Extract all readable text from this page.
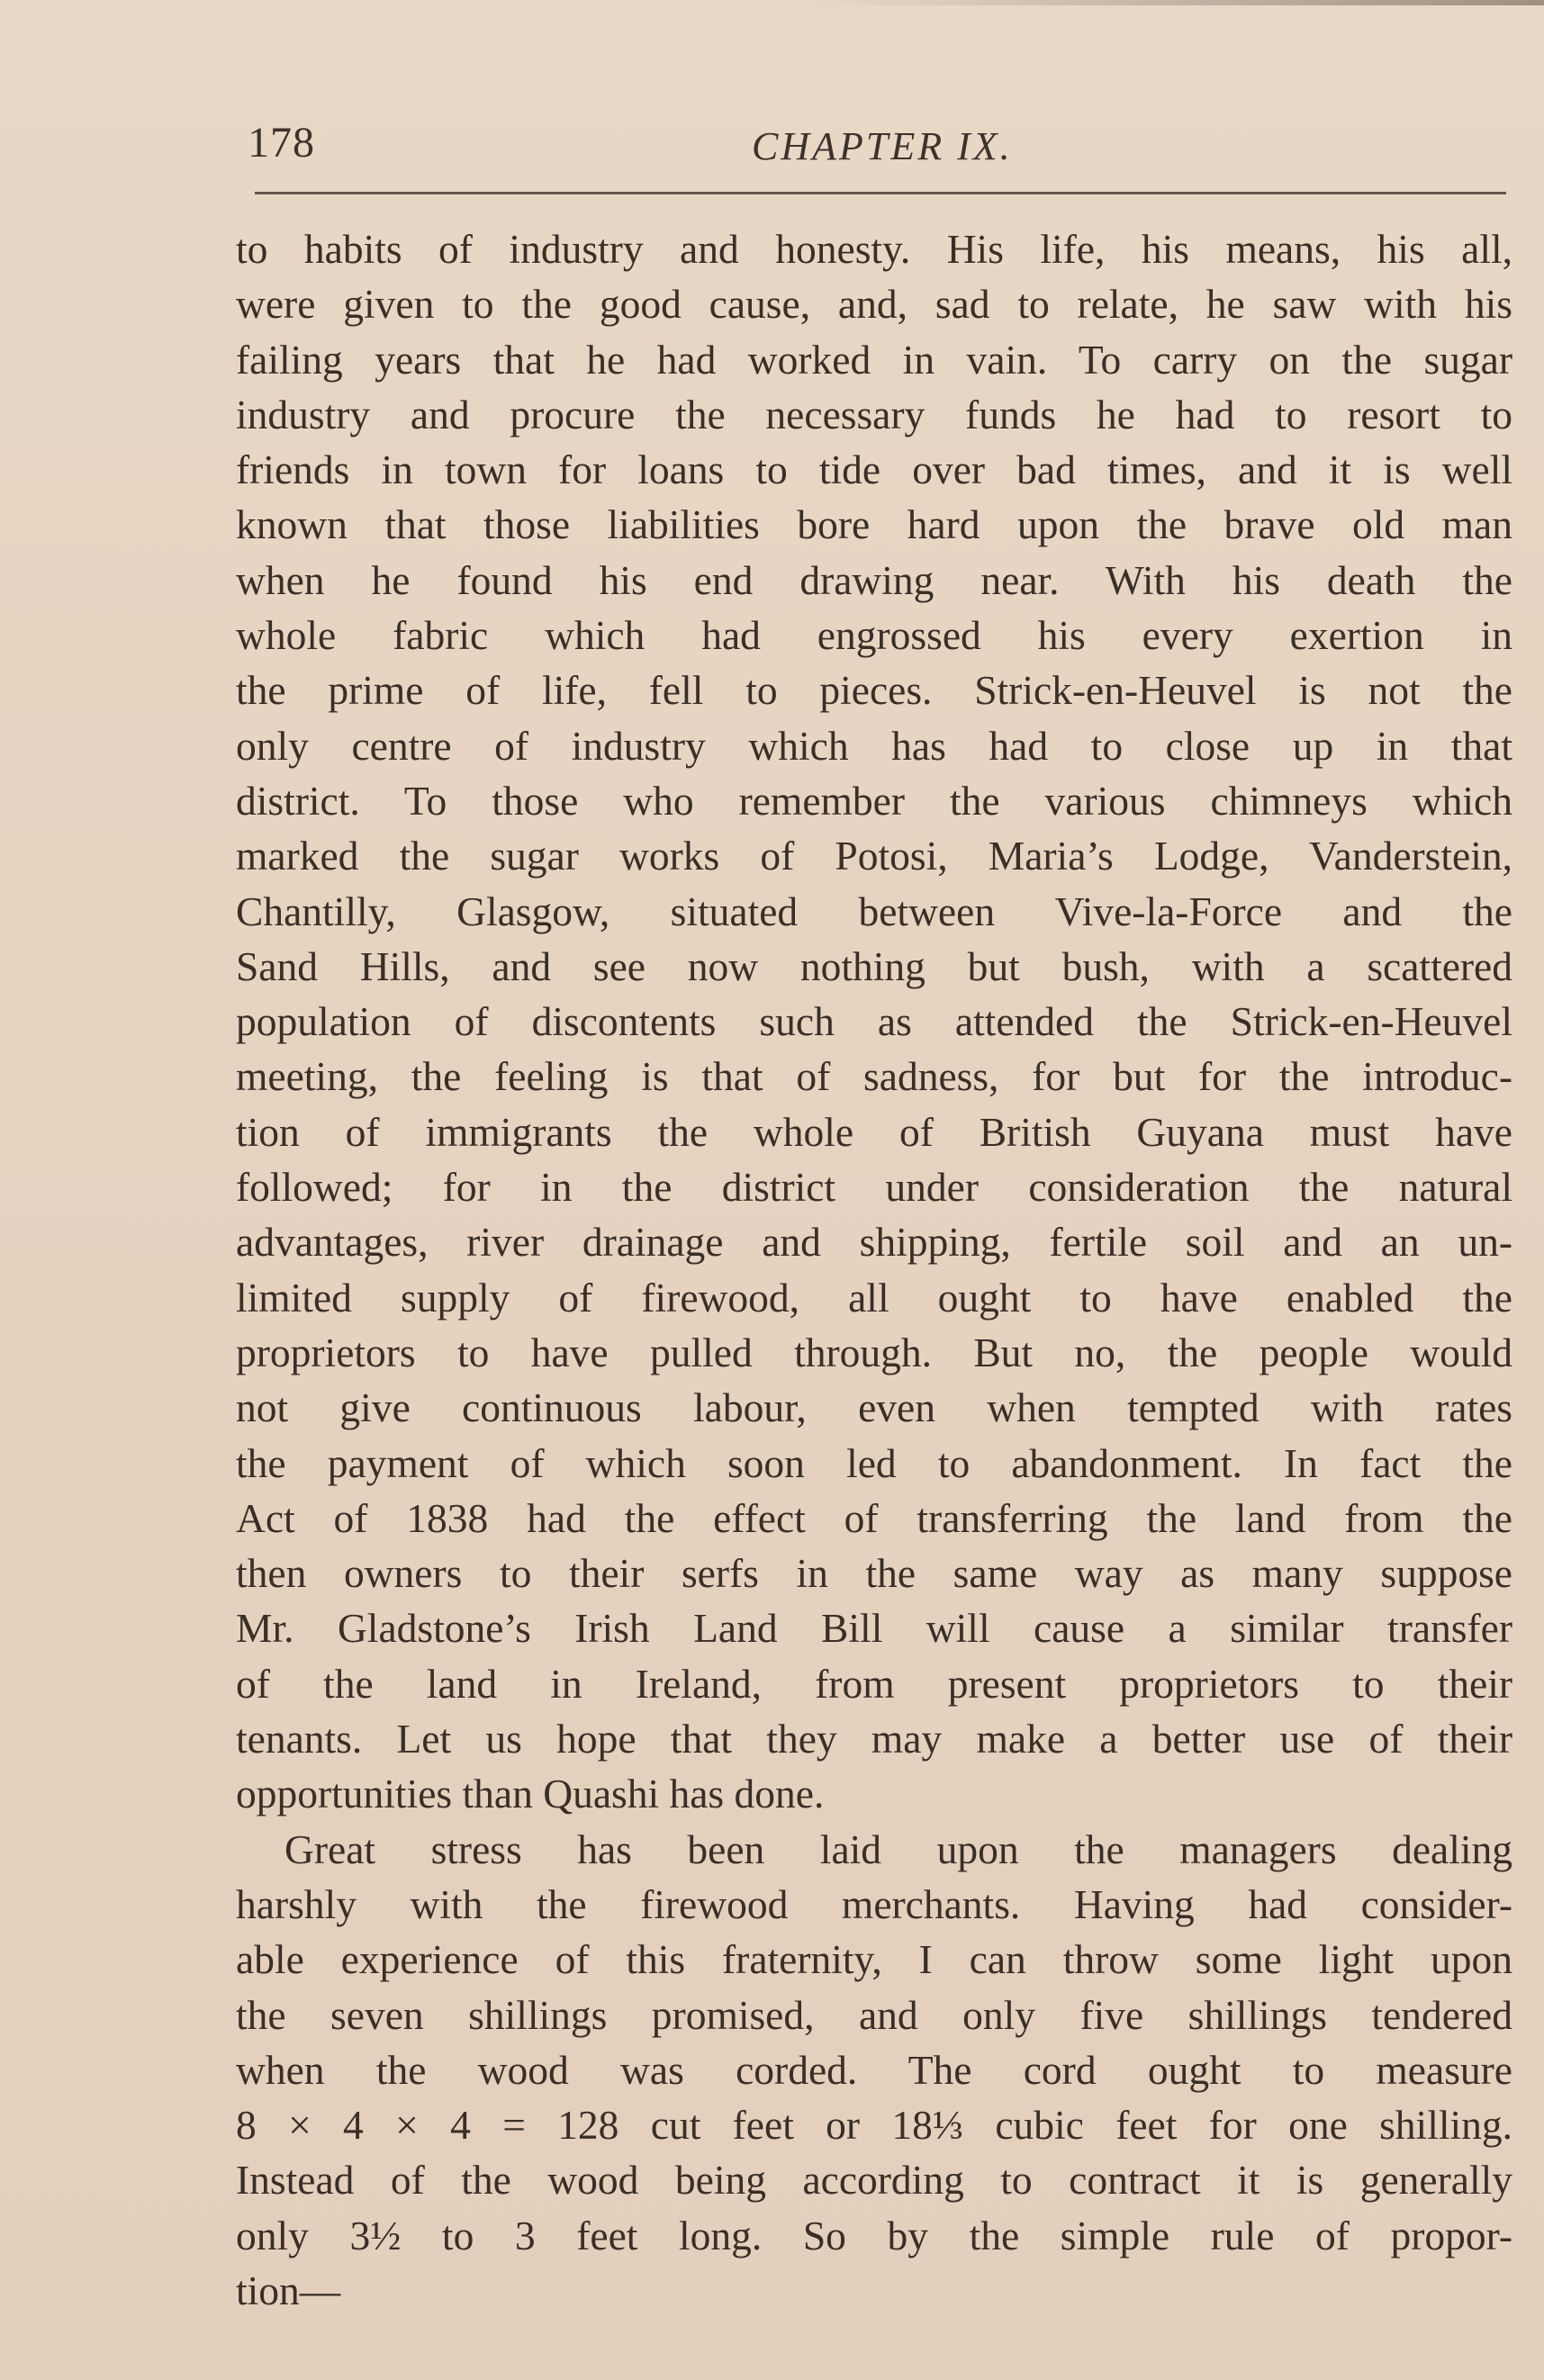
178	CHAPTER IX.
to habits of industry and honesty. His life, his means, his all,
were given to the good cause, and, sad to relate, he saw with his
failing years that he had worked in vain. To carry on the sugar
industry and procure the necessary funds he had to resort to
friends in town for loans to tide over bad times, and it is well
known that those liabilities bore hard upon the brave old man
when he found his end drawing near. With his death the
whole fabric which had engrossed his every exertion in
the prime of life, fell to pieces. Strick-en-Heuvel is not the
only centre of industry which has had to close up in that
district. To those who remember the various chimneys which
marked the sugar works of Potosi, Maria’s Lodge, Vanderstein,
Chantilly, Glasgow, situated between Vive-la-Force and the
Sand Hills, and see now nothing but bush, with a scattered
population of discontents such as attended the Strick-en-Heuvel
meeting, the feeling is that of sadness, for but for the introduc-
tion of immigrants the whole of British Guyana must have
followed; for in the district under consideration the natural
advantages, river drainage and shipping, fertile soil and an un-
limited supply of firewood, all ought to have enabled the
proprietors to have pulled through. But no, the people would
not give continuous labour, even when tempted with rates
the payment of which soon led to abandonment. In fact the
Act of 1838 had the effect of transferring the land from the
then owners to their serfs in the same way as many suppose
Mr. Gladstone’s Irish Land Bill will cause a similar transfer
of the land in Ireland, from present proprietors to their
tenants. Let us hope that they may make a better use of their
opportunities than Quashi has done.
Great stress has been laid upon the managers dealing
harshly with the firewood merchants. Having had consider-
able experience of this fraternity, I can throw some light upon
the seven shillings promised, and only five shillings tendered
when the wood was corded. The cord ought to measure
8 × 4 × 4 = 128 cut feet or 18⅓ cubic feet for one shilling.
Instead of the wood being according to contract it is generally
only 3½ to 3 feet long. So by the simple rule of propor-
tion—
